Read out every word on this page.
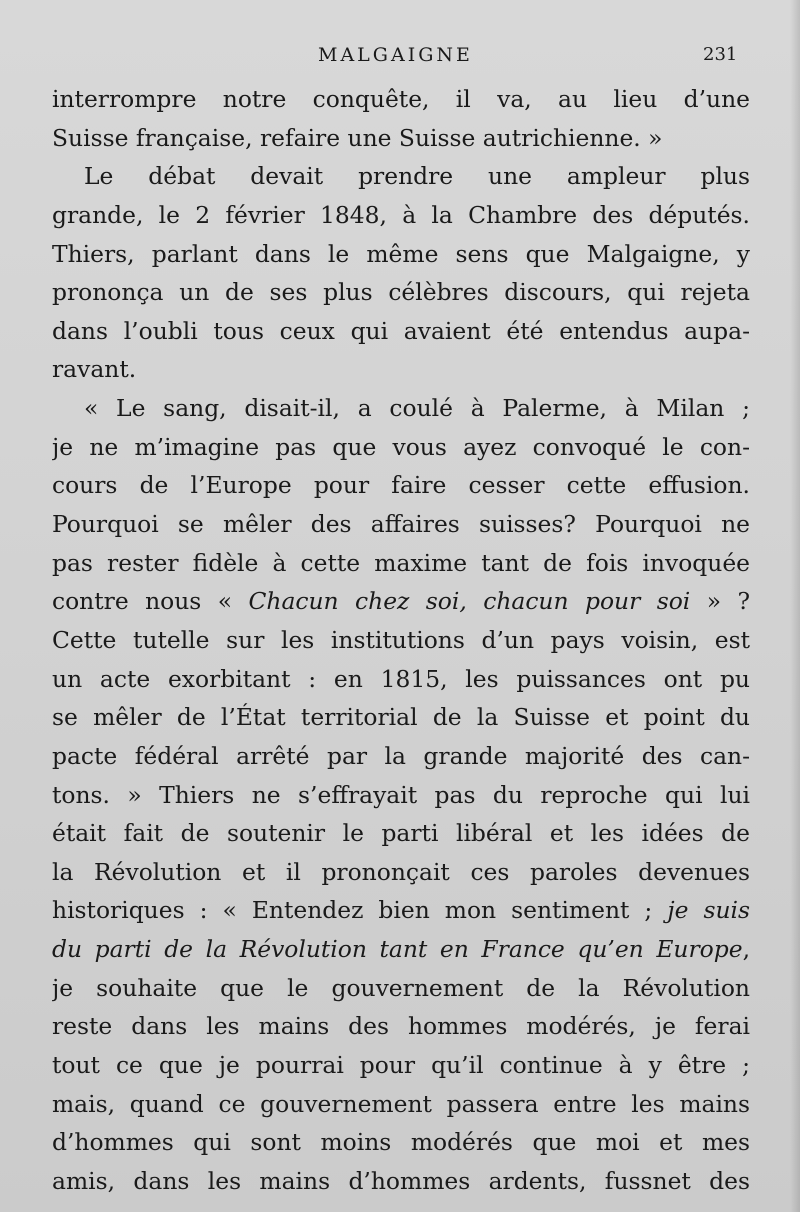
MALGAIGNE	231
interrompre notre conquête, il va, au lieu d’une
Suisse française, refaire une Suisse autrichienne. »
Le débat devait prendre une ampleur plus
grande, le 2 février 1848, à la Chambre des députés.
Thiers, parlant dans le même sens que Malgaigne, y
prononça un de ses plus célèbres discours, qui rejeta
dans l’oubli tous ceux qui avaient été entendus aupa-
ravant.
« Le sang, disait-il, a coulé à Palerme, à Milan ;
je ne m’imagine pas que vous ayez convoqué le con-
cours de l’Europe pour faire cesser cette effusion.
Pourquoi se mêler des affaires suisses? Pourquoi ne
pas rester fidèle à cette maxime tant de fois invoquée
contre nous « Chacun chez soi, chacun pour soi » ?
Cette tutelle sur les institutions d’un pays voisin, est
un acte exorbitant : en 1815, les puissances ont pu
se mêler de l’État territorial de la Suisse et point du
pacte fédéral arrêté par la grande majorité des can-
tons. » Thiers ne s’effrayait pas du reproche qui lui
était fait de soutenir le parti libéral et les idées de
la Révolution et il prononçait ces paroles devenues
historiques : « Entendez bien mon sentiment ; je suis
du parti de la Révolution tant en France qu’en Europe,
je souhaite que le gouvernement de la Révolution
reste dans les mains des hommes modérés, je ferai
tout ce que je pourrai pour qu’il continue à y être ;
mais, quand ce gouvernement passera entre les mains
d’hommes qui sont moins modérés que moi et mes
amis, dans les mains d’hommes ardents, fussnet des
